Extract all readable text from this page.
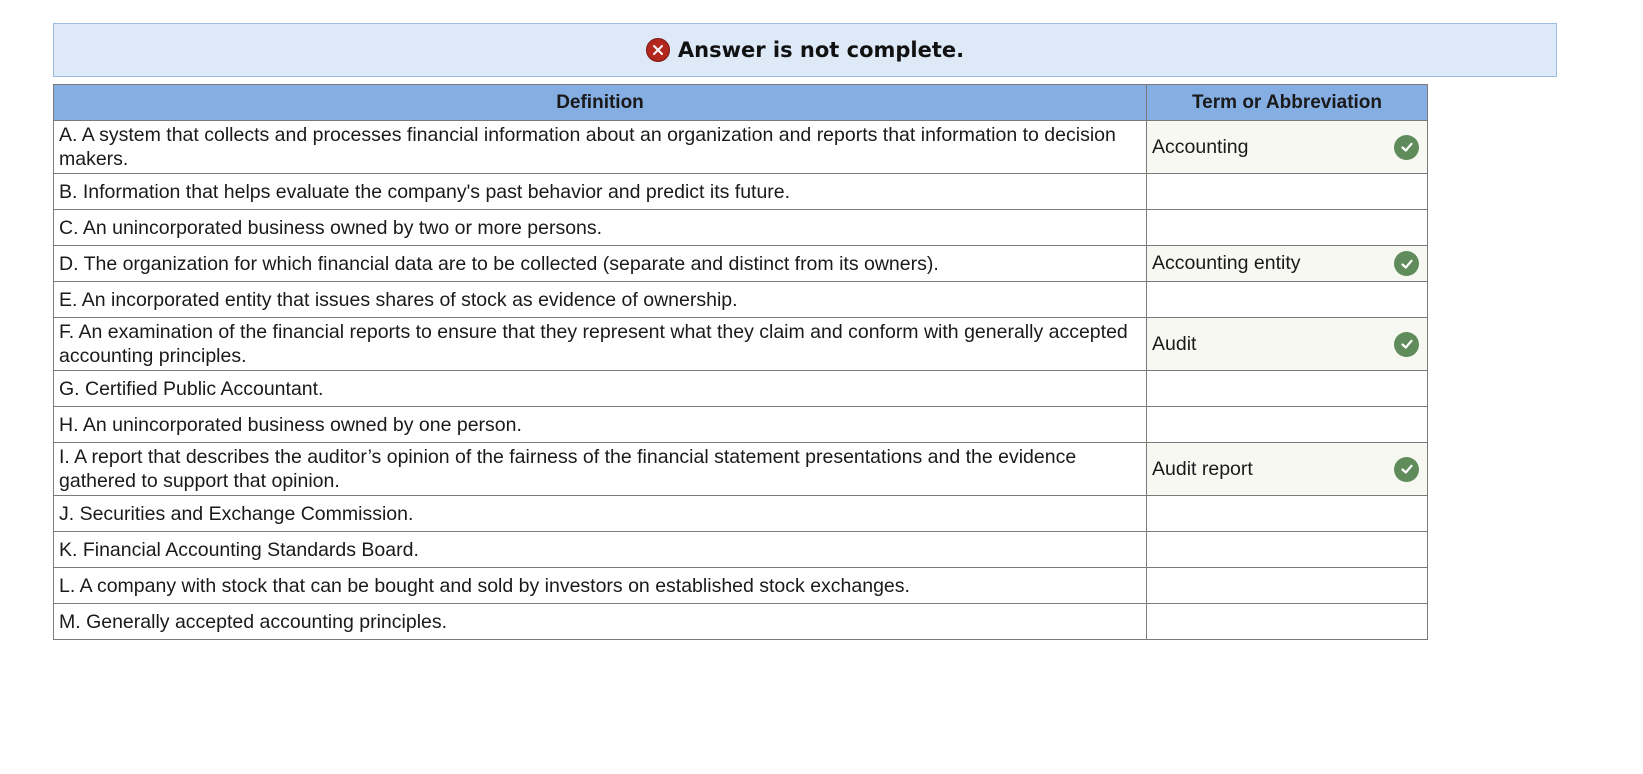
Answer is not complete.
Definition	Term or Abbreviation
A. A system that collects and processes financial information about an organization and reports that information to decision makers.	Accounting

B. Information that helps evaluate the company's past behavior and predict its future.	

C. An unincorporated business owned by two or more persons.	

D. The organization for which financial data are to be collected (separate and distinct from its owners).	Accounting entity

E. An incorporated entity that issues shares of stock as evidence of ownership.	

F. An examination of the financial reports to ensure that they represent what they claim and conform with generally accepted accounting principles.	Audit

G. Certified Public Accountant.	

H. An unincorporated business owned by one person.	

I. A report that describes the auditor’s opinion of the fairness of the financial statement presentations and the evidence gathered to support that opinion.	Audit report

J. Securities and Exchange Commission.	

K. Financial Accounting Standards Board.	

L. A company with stock that can be bought and sold by investors on established stock exchanges.	

M. Generally accepted accounting principles.	
